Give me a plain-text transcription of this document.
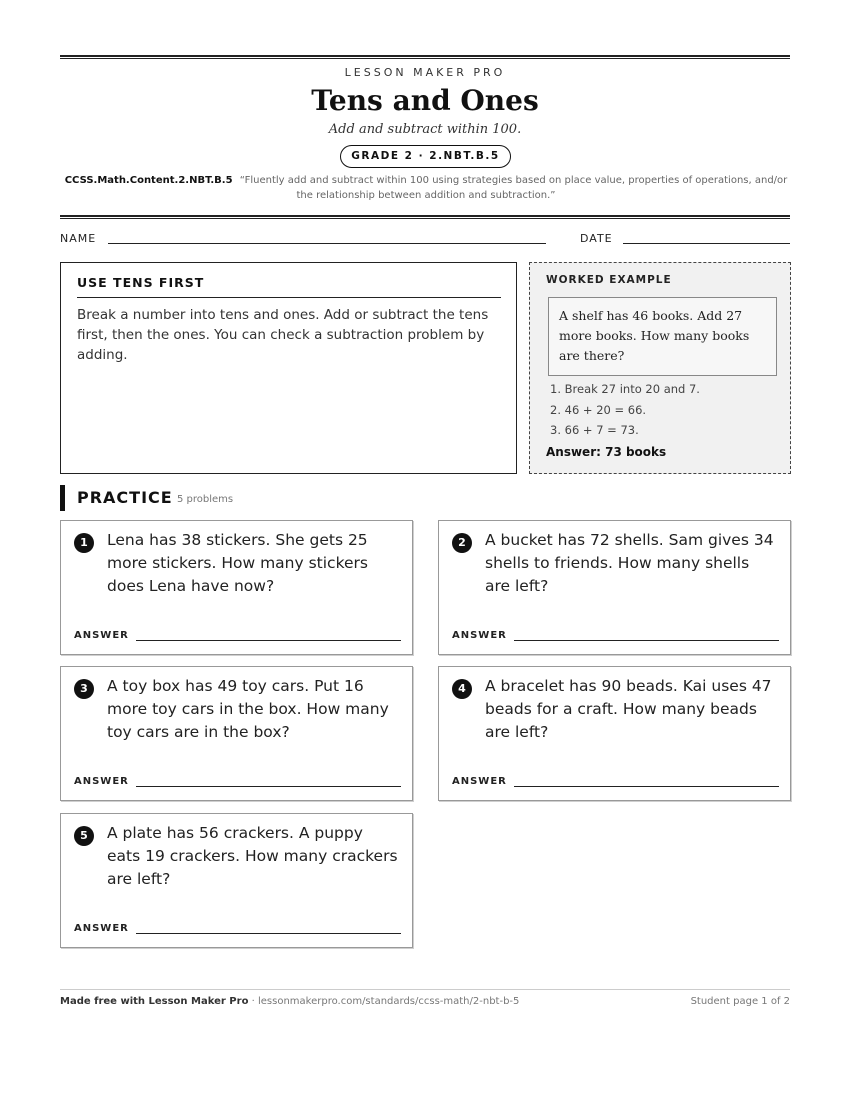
LESSON MAKER PRO
Tens and Ones
Add and subtract within 100.
GRADE 2 · 2.NBT.B.5
CCSS.Math.Content.2.NBT.B.5 “Fluently add and subtract within 100 using strategies based on place value, properties of operations, and/or the relationship between addition and subtraction.”
NAME	DATE
USE TENS FIRST

Break a number into tens and ones. Add or subtract the tens first, then the ones. You can check a subtraction problem by adding.

WORKED EXAMPLE
A shelf has 46 books. Add 27 more books. How many books are there?
1. Break 27 into 20 and 7.
2. 46 + 20 = 66.
3. 66 + 7 = 73.
Answer: 73 books
PRACTICE 5 problems
1	Lena has 38 stickers. She gets 25 more stickers. How many stickers does Lena have now?
ANSWER
2	A bucket has 72 shells. Sam gives 34 shells to friends. How many shells are left?
ANSWER
3	A toy box has 49 toy cars. Put 16 more toy cars in the box. How many toy cars are in the box?
ANSWER
4	A bracelet has 90 beads. Kai uses 47 beads for a craft. How many beads are left?
ANSWER
5	A plate has 56 crackers. A puppy eats 19 crackers. How many crackers are left?
ANSWER
Made free with Lesson Maker Pro · lessonmakerpro.com/standards/ccss-math/2-nbt-b-5	Student page 1 of 2
